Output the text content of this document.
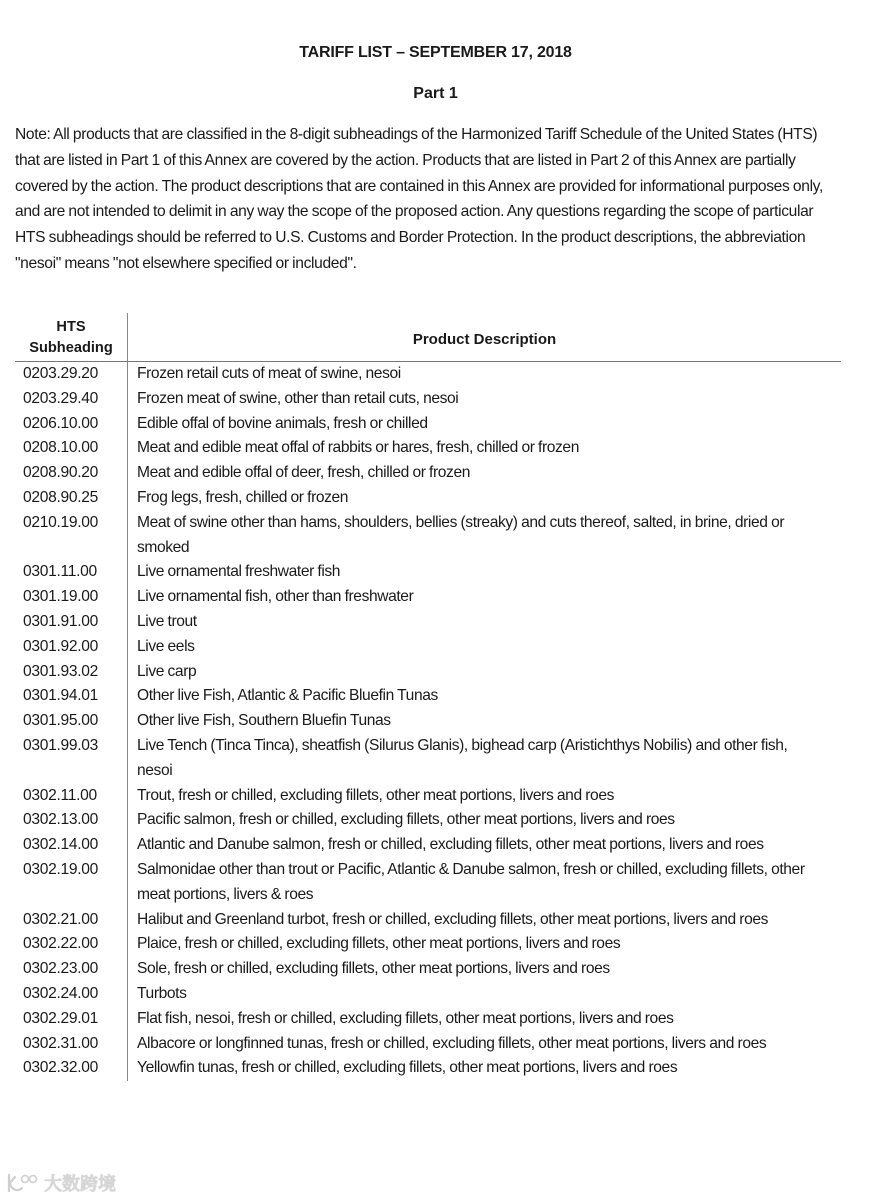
TARIFF LIST – SEPTEMBER 17, 2018
Part 1
Note: All products that are classified in the 8-digit subheadings of the Harmonized Tariff Schedule of the United States (HTS) that are listed in Part 1 of this Annex are covered by the action. Products that are listed in Part 2 of this Annex are partially covered by the action. The product descriptions that are contained in this Annex are provided for informational purposes only, and are not intended to delimit in any way the scope of the proposed action. Any questions regarding the scope of particular HTS subheadings should be referred to U.S. Customs and Border Protection. In the product descriptions, the abbreviation "nesoi" means "not elsewhere specified or included".
HTS
Subheading	Product Description
0203.29.20	Frozen retail cuts of meat of swine, nesoi
0203.29.40	Frozen meat of swine, other than retail cuts, nesoi
0206.10.00	Edible offal of bovine animals, fresh or chilled
0208.10.00	Meat and edible meat offal of rabbits or hares, fresh, chilled or frozen
0208.90.20	Meat and edible offal of deer, fresh, chilled or frozen
0208.90.25	Frog legs, fresh, chilled or frozen
0210.19.00	Meat of swine other than hams, shoulders, bellies (streaky) and cuts thereof, salted, in brine, dried or smoked
0301.11.00	Live ornamental freshwater fish
0301.19.00	Live ornamental fish, other than freshwater
0301.91.00	Live trout
0301.92.00	Live eels
0301.93.02	Live carp
0301.94.01	Other live Fish, Atlantic & Pacific Bluefin Tunas
0301.95.00	Other live Fish, Southern Bluefin Tunas
0301.99.03	Live Tench (Tinca Tinca), sheatfish (Silurus Glanis), bighead carp (Aristichthys Nobilis) and other fish, nesoi
0302.11.00	Trout, fresh or chilled, excluding fillets, other meat portions, livers and roes
0302.13.00	Pacific salmon, fresh or chilled, excluding fillets, other meat portions, livers and roes
0302.14.00	Atlantic and Danube salmon, fresh or chilled, excluding fillets, other meat portions, livers and roes
0302.19.00	Salmonidae other than trout or Pacific, Atlantic & Danube salmon, fresh or chilled, excluding fillets, other meat portions, livers & roes
0302.21.00	Halibut and Greenland turbot, fresh or chilled, excluding fillets, other meat portions, livers and roes
0302.22.00	Plaice, fresh or chilled, excluding fillets, other meat portions, livers and roes
0302.23.00	Sole, fresh or chilled, excluding fillets, other meat portions, livers and roes
0302.24.00	Turbots
0302.29.01	Flat fish, nesoi, fresh or chilled, excluding fillets, other meat portions, livers and roes
0302.31.00	Albacore or longfinned tunas, fresh or chilled, excluding fillets, other meat portions, livers and roes
0302.32.00	Yellowfin tunas, fresh or chilled, excluding fillets, other meat portions, livers and roes
大数跨境
